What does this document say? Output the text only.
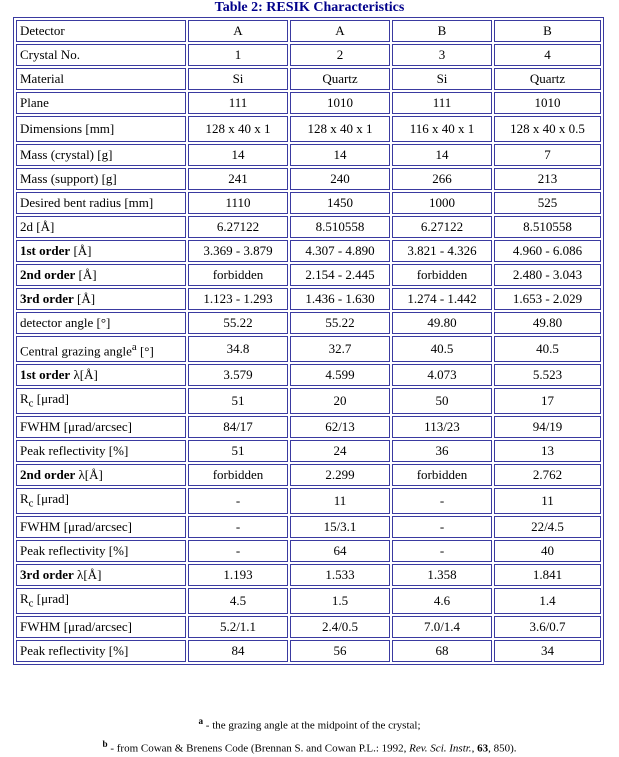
Table 2: RESIK Characteristics
Detector	A	A	B	B
Crystal No.	1	2	3	4
Material	Si	Quartz	Si	Quartz
Plane	111	1010	111	1010
Dimensions [mm]	128 x 40 x 1	128 x 40 x 1	116 x 40 x 1	128 x 40 x 0.5
Mass (crystal) [g]	14	14	14	7
Mass (support) [g]	241	240	266	213
Desired bent radius [mm]	1110	1450	1000	525
2d [Å]	6.27122	8.510558	6.27122	8.510558
1st order [Å]	3.369 - 3.879	4.307 - 4.890	3.821 - 4.326	4.960 - 6.086
2nd order [Å]	forbidden	2.154 - 2.445	forbidden	2.480 - 3.043
3rd order [Å]	1.123 - 1.293	1.436 - 1.630	1.274 - 1.442	1.653 - 2.029
detector angle [°]	55.22	55.22	49.80	49.80
Central grazing angle$^a$ [°]	34.8	32.7	40.5	40.5
1st order λ[Å]	3.579	4.599	4.073	5.523
$R_c$ [μrad]	51	20	50	17
FWHM [μrad/arcsec]	84/17	62/13	113/23	94/19
Peak reflectivity [%]	51	24	36	13
2nd order λ[Å]	forbidden	2.299	forbidden	2.762
$R_c$ [μrad]	-	11	-	11
FWHM [μrad/arcsec]	-	15/3.1	-	22/4.5
Peak reflectivity [%]	-	64	-	40
3rd order λ[Å]	1.193	1.533	1.358	1.841
$R_c$ [μrad]	4.5	1.5	4.6	1.4
FWHM [μrad/arcsec]	5.2/1.1	2.4/0.5	7.0/1.4	3.6/0.7
Peak reflectivity [%]	84	56	68	34
$^a$ - the grazing angle at the midpoint of the crystal;
$^b$ - from Cowan & Brenens Code (Brennan S. and Cowan P.L.: 1992, Rev. Sci. Instr., 63, 850).
